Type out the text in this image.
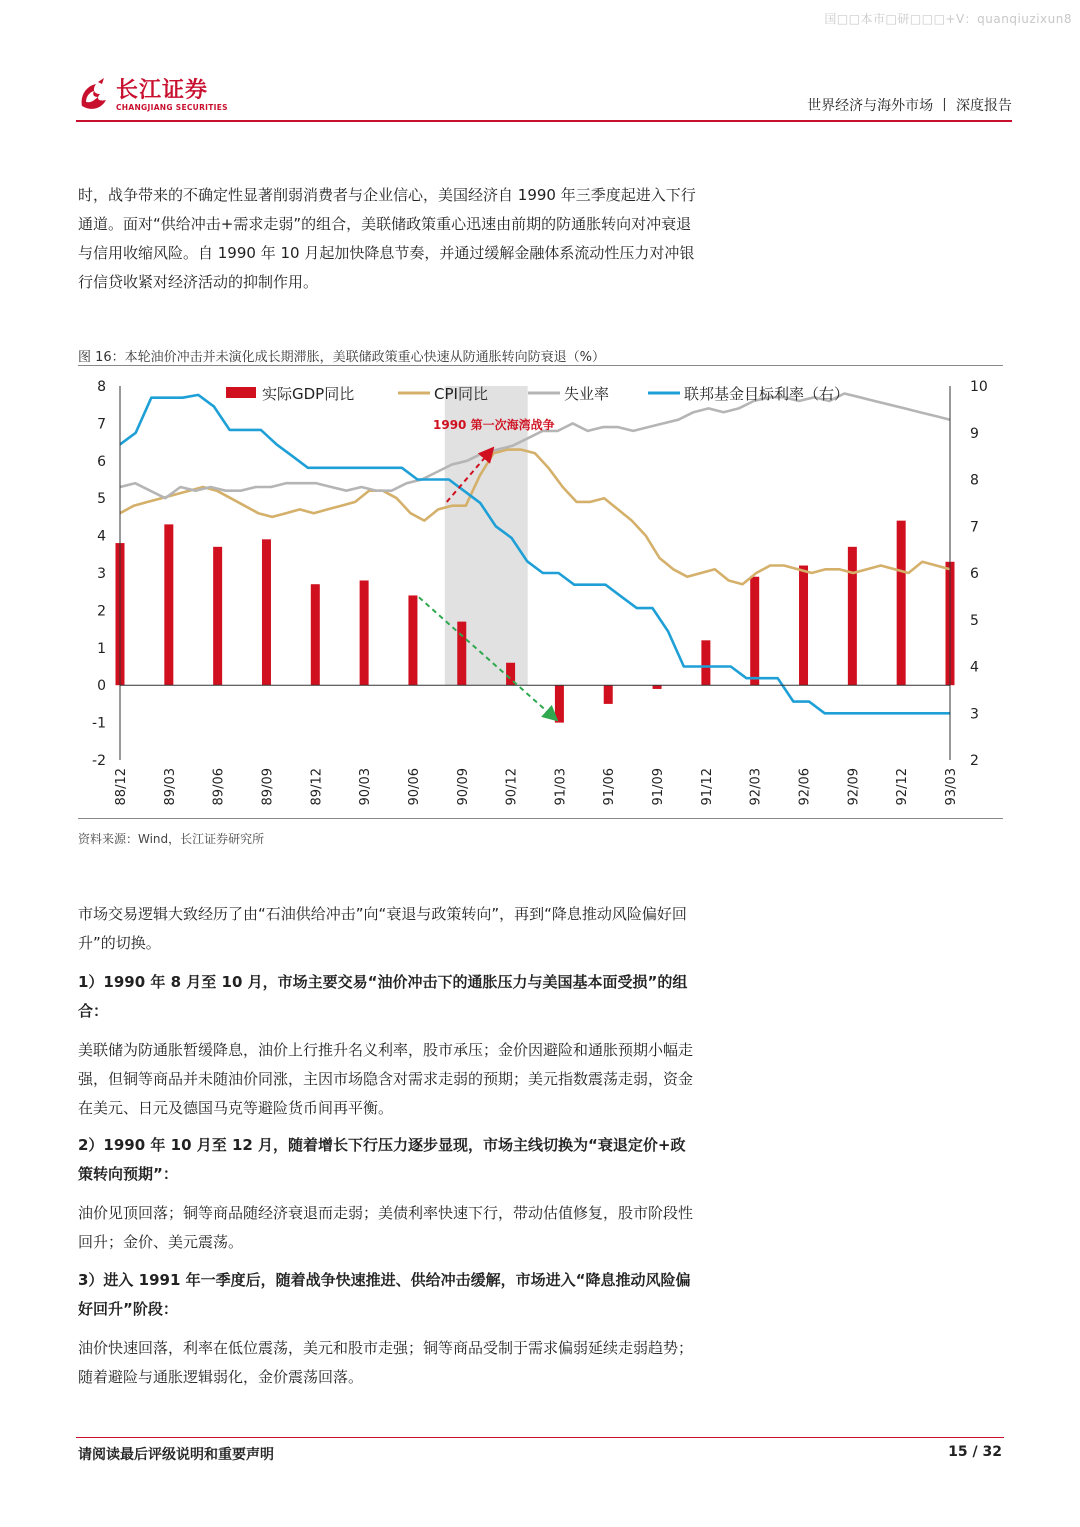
国□□本市□研□□□+V：quanqiuzixun8
长江证券
CHANGJIANG SECURITIES	世界经济与海外市场 丨 深度报告

时，战争带来的不确定性显著削弱消费者与企业信心，美国经济自 1990 年三季度起进入下行通道。面对“供给冲击+需求走弱”的组合，美联储政策重心迅速由前期的防通胀转向对冲衰退与信用收缩风险。自 1990 年 10 月起加快降息节奏，并通过缓解金融体系流动性压力对冲银行信贷收紧对经济活动的抑制作用。

图 16：本轮油价冲击并未演化成长期滞胀，美联储政策重心快速从防通胀转向防衰退（%）
-2
-1
0
1
2
3
4
5
6
7
8
2
3
4
5
6
7
8
9
10
88/12	89/03	89/06	89/09	89/12	90/03	90/06	90/09	90/12	91/03	91/06	91/09	91/12	92/03	92/06	92/09	92/12	93/03
实际GDP同比	CPI同比	失业率	联邦基金目标利率（右）
1990 第一次海湾战争
资料来源：Wind，长江证券研究所

市场交易逻辑大致经历了由“石油供给冲击”向“衰退与政策转向”，再到“降息推动风险偏好回升”的切换。

1）1990 年 8 月至 10 月，市场主要交易“油价冲击下的通胀压力与美国基本面受损”的组合：

美联储为防通胀暂缓降息，油价上行推升名义利率，股市承压；金价因避险和通胀预期小幅走强，但铜等商品并未随油价同涨，主因市场隐含对需求走弱的预期；美元指数震荡走弱，资金在美元、日元及德国马克等避险货币间再平衡。

2）1990 年 10 月至 12 月，随着增长下行压力逐步显现，市场主线切换为“衰退定价+政策转向预期”：

油价见顶回落；铜等商品随经济衰退而走弱；美债利率快速下行，带动估值修复，股市阶段性回升；金价、美元震荡。

3）进入 1991 年一季度后，随着战争快速推进、供给冲击缓解，市场进入“降息推动风险偏好回升”阶段：

油价快速回落，利率在低位震荡，美元和股市走强；铜等商品受制于需求偏弱延续走弱趋势；随着避险与通胀逻辑弱化，金价震荡回落。

请阅读最后评级说明和重要声明	15 / 32
